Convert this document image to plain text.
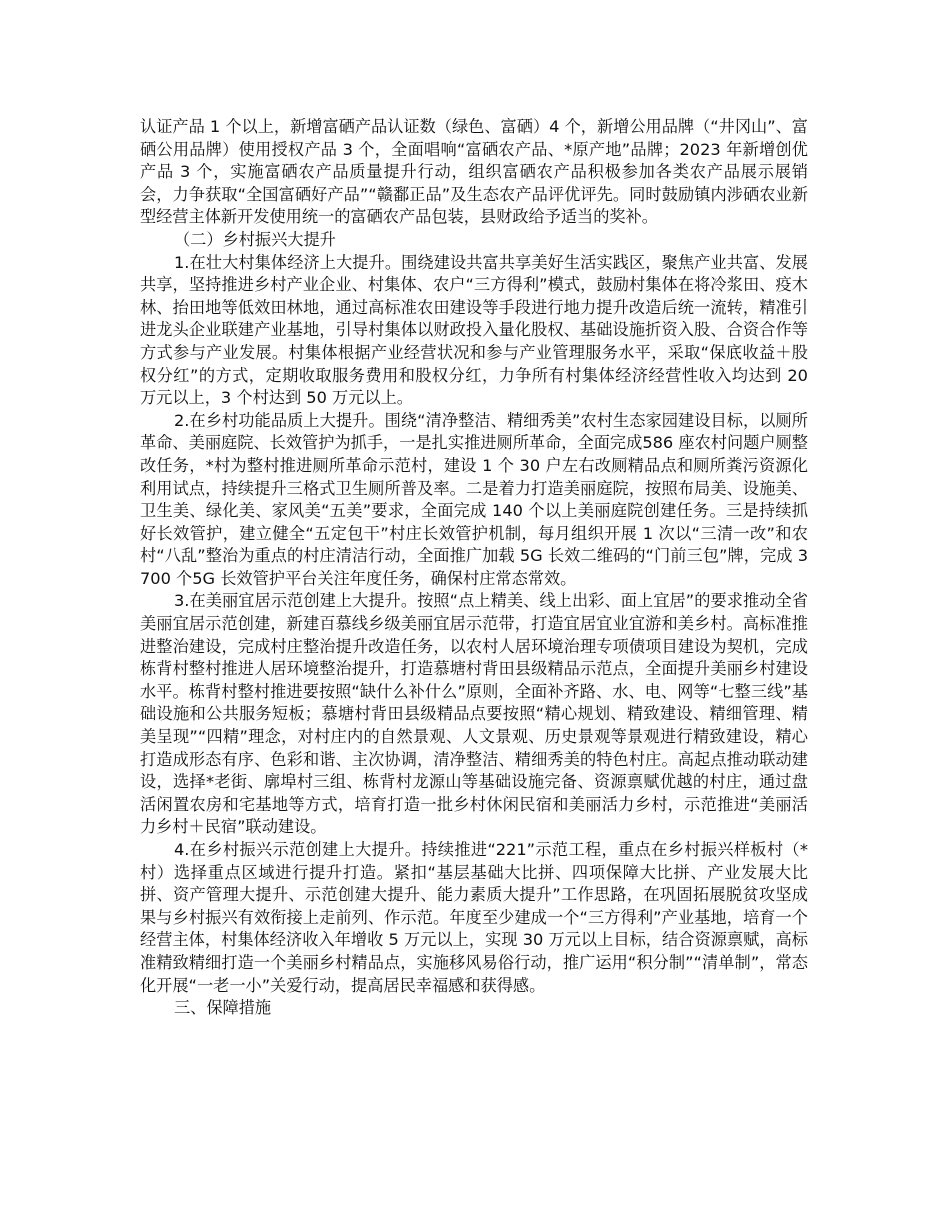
认证产品 1 个以上，新增富硒产品认证数（绿色、富硒）4 个，新增公用品牌（“井冈山”、富硒公用品牌）使用授权产品 3 个，全面唱响“富硒农产品、*原产地”品牌；2023 年新增创优产品 3 个，实施富硒农产品质量提升行动，组织富硒农产品积极参加各类农产品展示展销会，力争获取“全国富硒好产品”“赣鄱正品”及生态农产品评优评先。同时鼓励镇内涉硒农业新型经营主体新开发使用统一的富硒农产品包装，县财政给予适当的奖补。

（二）乡村振兴大提升

1.在壮大村集体经济上大提升。围绕建设共富共享美好生活实践区，聚焦产业共富、发展共享，坚持推进乡村产业企业、村集体、农户“三方得利”模式，鼓励村集体在将冷浆田、疫木林、抬田地等低效田林地，通过高标准农田建设等手段进行地力提升改造后统一流转，精准引进龙头企业联建产业基地，引导村集体以财政投入量化股权、基础设施折资入股、合资合作等方式参与产业发展。村集体根据产业经营状况和参与产业管理服务水平，采取“保底收益＋股权分红”的方式，定期收取服务费用和股权分红，力争所有村集体经济经营性收入均达到 20 万元以上，3 个村达到 50 万元以上。

2.在乡村功能品质上大提升。围绕“清净整洁、精细秀美”农村生态家园建设目标，以厕所革命、美丽庭院、长效管护为抓手，一是扎实推进厕所革命，全面完成586 座农村问题户厕整改任务，*村为整村推进厕所革命示范村，建设 1 个 30 户左右改厕精品点和厕所粪污资源化利用试点，持续提升三格式卫生厕所普及率。二是着力打造美丽庭院，按照布局美、设施美、卫生美、绿化美、家风美“五美”要求，全面完成 140 个以上美丽庭院创建任务。三是持续抓好长效管护，建立健全“五定包干”村庄长效管护机制，每月组织开展 1 次以“三清一改”和农村“八乱”整治为重点的村庄清洁行动，全面推广加载 5G 长效二维码的“门前三包”牌，完成 3700 个5G 长效管护平台关注年度任务，确保村庄常态常效。

3.在美丽宜居示范创建上大提升。按照“点上精美、线上出彩、面上宜居”的要求推动全省美丽宜居示范创建，新建百慕线乡级美丽宜居示范带，打造宜居宜业宜游和美乡村。高标准推进整治建设，完成村庄整治提升改造任务，以农村人居环境治理专项债项目建设为契机，完成栋背村整村推进人居环境整治提升，打造慕塘村背田县级精品示范点，全面提升美丽乡村建设水平。栋背村整村推进要按照“缺什么补什么”原则，全面补齐路、水、电、网等“七整三线”基础设施和公共服务短板；慕塘村背田县级精品点要按照“精心规划、精致建设、精细管理、精美呈现”“四精”理念，对村庄内的自然景观、人文景观、历史景观等景观进行精致建设，精心打造成形态有序、色彩和谐、主次协调，清净整洁、精细秀美的特色村庄。高起点推动联动建设，选择*老街、廓埠村三组、栋背村龙源山等基础设施完备、资源禀赋优越的村庄，通过盘活闲置农房和宅基地等方式，培育打造一批乡村休闲民宿和美丽活力乡村，示范推进“美丽活力乡村＋民宿”联动建设。

4.在乡村振兴示范创建上大提升。持续推进“221”示范工程，重点在乡村振兴样板村（*村）选择重点区域进行提升打造。紧扣“基层基础大比拼、四项保障大比拼、产业发展大比拼、资产管理大提升、示范创建大提升、能力素质大提升”工作思路，在巩固拓展脱贫攻坚成果与乡村振兴有效衔接上走前列、作示范。年度至少建成一个“三方得利”产业基地，培育一个经营主体，村集体经济收入年增收 5 万元以上，实现 30 万元以上目标，结合资源禀赋，高标准精致精细打造一个美丽乡村精品点，实施移风易俗行动，推广运用“积分制”“清单制”，常态化开展“一老一小”关爱行动，提高居民幸福感和获得感。

三、保障措施
